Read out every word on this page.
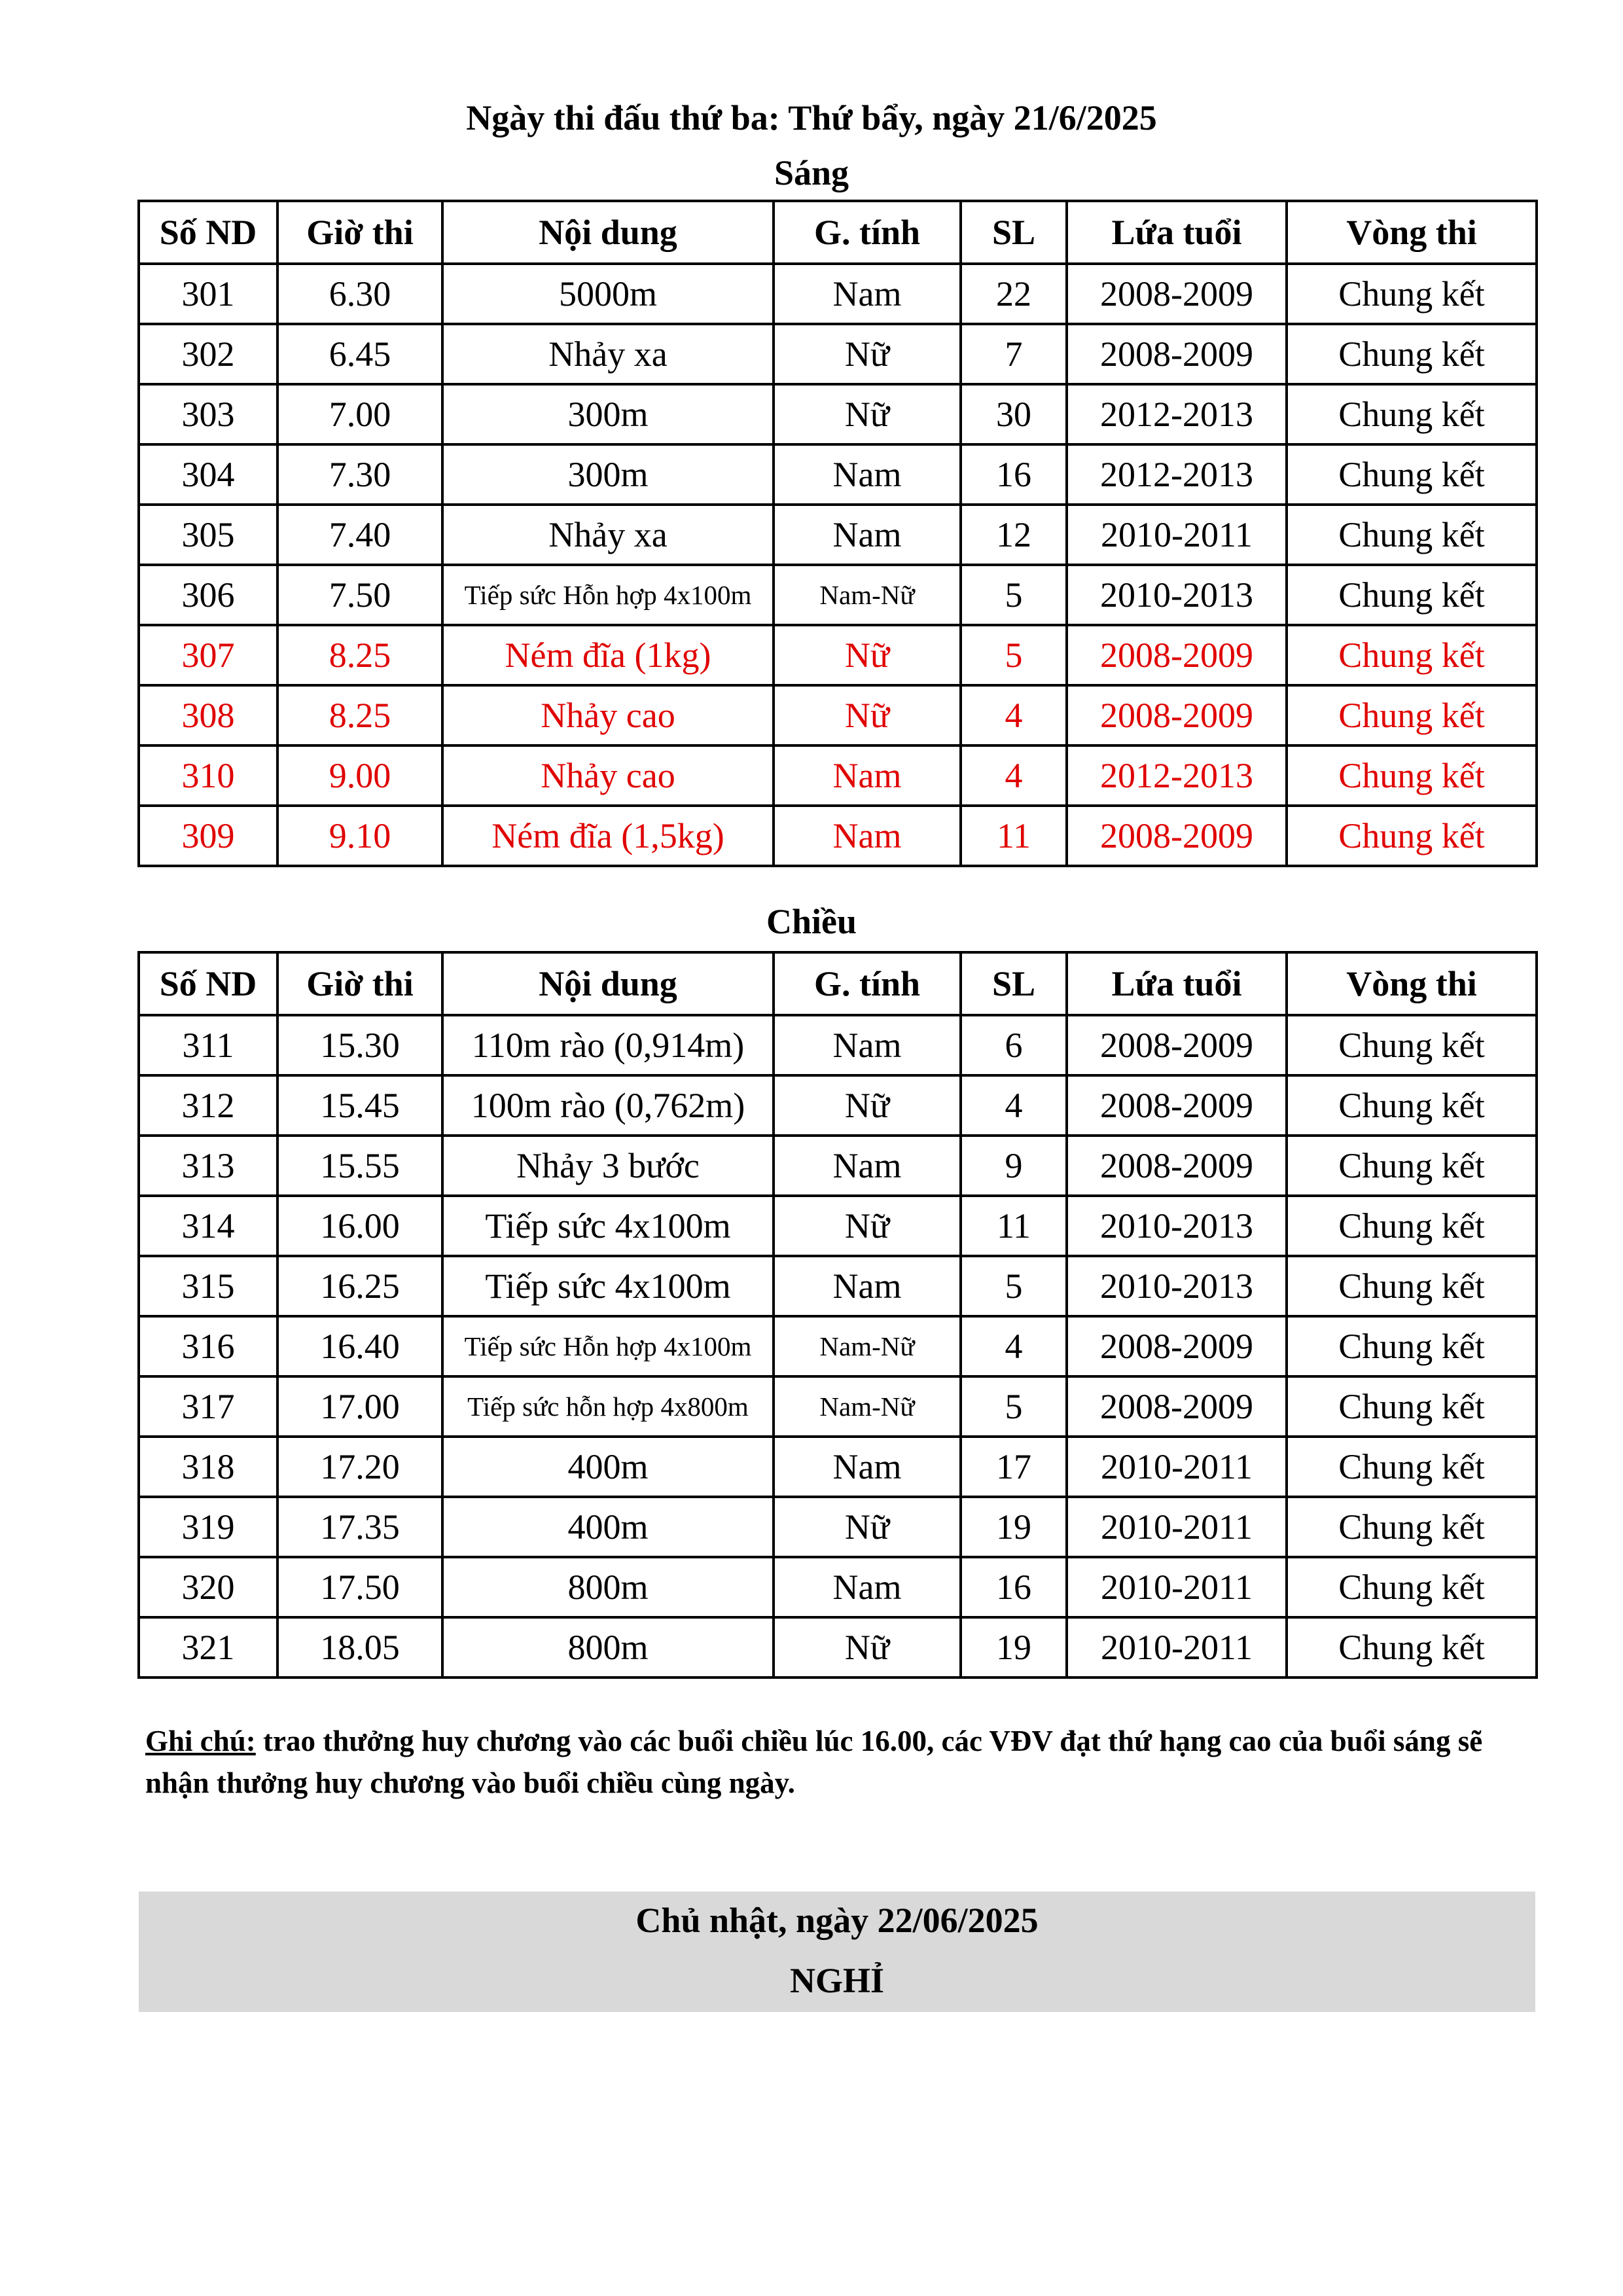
Ngày thi đấu thứ ba: Thứ bẩy, ngày 21/6/2025
Sáng
Số ND	Giờ thi	Nội dung	G. tính	SL	Lứa tuổi	Vòng thi
301	6.30	5000m	Nam	22	2008-2009	Chung kết
302	6.45	Nhảy xa	Nữ	7	2008-2009	Chung kết
303	7.00	300m	Nữ	30	2012-2013	Chung kết
304	7.30	300m	Nam	16	2012-2013	Chung kết
305	7.40	Nhảy xa	Nam	12	2010-2011	Chung kết
306	7.50	Tiếp sức Hỗn hợp 4x100m	Nam-Nữ	5	2010-2013	Chung kết
307	8.25	Ném đĩa (1kg)	Nữ	5	2008-2009	Chung kết
308	8.25	Nhảy cao	Nữ	4	2008-2009	Chung kết
310	9.00	Nhảy cao	Nam	4	2012-2013	Chung kết
309	9.10	Ném đĩa (1,5kg)	Nam	11	2008-2009	Chung kết
Chiều
Số ND	Giờ thi	Nội dung	G. tính	SL	Lứa tuổi	Vòng thi
311	15.30	110m rào (0,914m)	Nam	6	2008-2009	Chung kết
312	15.45	100m rào (0,762m)	Nữ	4	2008-2009	Chung kết
313	15.55	Nhảy 3 bước	Nam	9	2008-2009	Chung kết
314	16.00	Tiếp sức 4x100m	Nữ	11	2010-2013	Chung kết
315	16.25	Tiếp sức 4x100m	Nam	5	2010-2013	Chung kết
316	16.40	Tiếp sức Hỗn hợp 4x100m	Nam-Nữ	4	2008-2009	Chung kết
317	17.00	Tiếp sức hỗn hợp 4x800m	Nam-Nữ	5	2008-2009	Chung kết
318	17.20	400m	Nam	17	2010-2011	Chung kết
319	17.35	400m	Nữ	19	2010-2011	Chung kết
320	17.50	800m	Nam	16	2010-2011	Chung kết
321	18.05	800m	Nữ	19	2010-2011	Chung kết
Ghi chú: trao thưởng huy chương vào các buổi chiều lúc 16.00, các VĐV đạt thứ hạng cao của buổi sáng sẽ nhận thưởng huy chương vào buổi chiều cùng ngày.
Chủ nhật, ngày 22/06/2025
NGHỈ
